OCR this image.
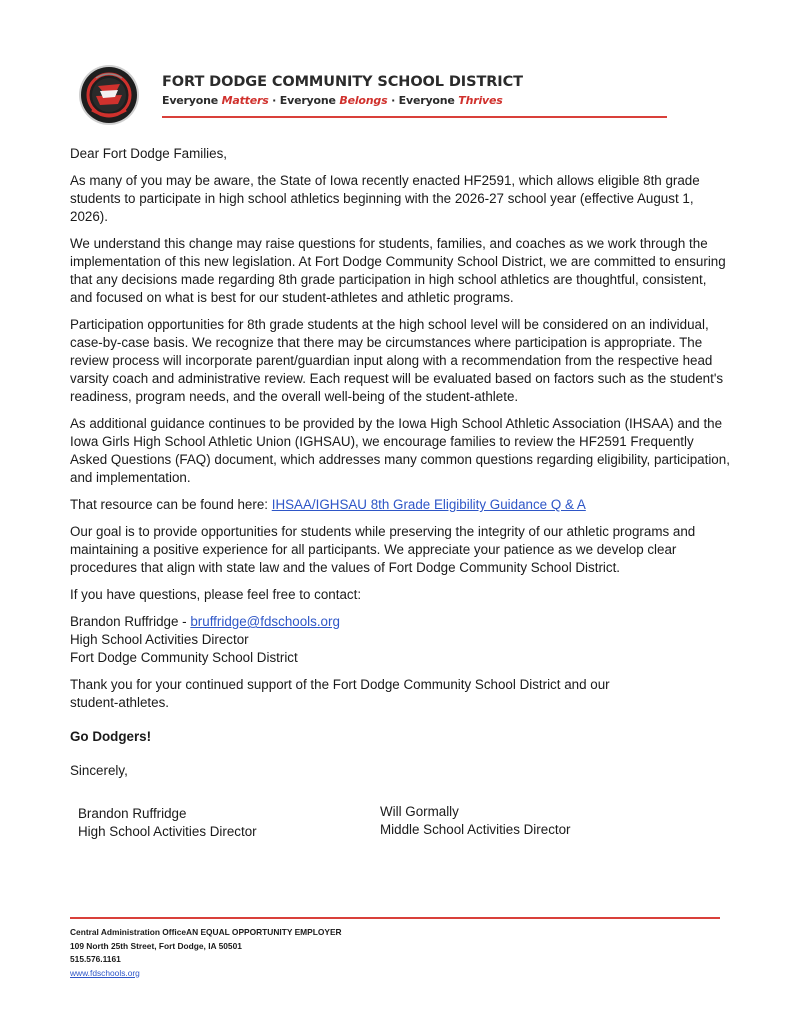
FORT DODGE COMMUNITY SCHOOL DISTRICT
Everyone Matters · Everyone Belongs · Everyone Thrives

Dear Fort Dodge Families,

As many of you may be aware, the State of Iowa recently enacted HF2591, which allows eligible 8th grade students to participate in high school athletics beginning with the 2026-27 school year (effective August 1, 2026).

We understand this change may raise questions for students, families, and coaches as we work through the implementation of this new legislation. At Fort Dodge Community School District, we are committed to ensuring that any decisions made regarding 8th grade participation in high school athletics are thoughtful, consistent, and focused on what is best for our student-athletes and athletic programs.

Participation opportunities for 8th grade students at the high school level will be considered on an individual, case-by-case basis. We recognize that there may be circumstances where participation is appropriate. The review process will incorporate parent/guardian input along with a recommendation from the respective head varsity coach and administrative review. Each request will be evaluated based on factors such as the student's readiness, program needs, and the overall well-being of the student-athlete.

As additional guidance continues to be provided by the Iowa High School Athletic Association (IHSAA) and the Iowa Girls High School Athletic Union (IGHSAU), we encourage families to review the HF2591 Frequently Asked Questions (FAQ) document, which addresses many common questions regarding eligibility, participation, and implementation.

That resource can be found here: IHSAA/IGHSAU 8th Grade Eligibility Guidance Q & A

Our goal is to provide opportunities for students while preserving the integrity of our athletic programs and maintaining a positive experience for all participants. We appreciate your patience as we develop clear procedures that align with state law and the values of Fort Dodge Community School District.

If you have questions, please feel free to contact:

Brandon Ruffridge - bruffridge@fdschools.org
High School Activities Director
Fort Dodge Community School District

Thank you for your continued support of the Fort Dodge Community School District and our student-athletes.

Go Dodgers!

Sincerely,

Brandon Ruffridge
High School Activities Director
Will Gormally
Middle School Activities Director
Central Administration OfficeAN EQUAL OPPORTUNITY EMPLOYER
109 North 25th Street, Fort Dodge, IA 50501
515.576.1161
www.fdschools.org
